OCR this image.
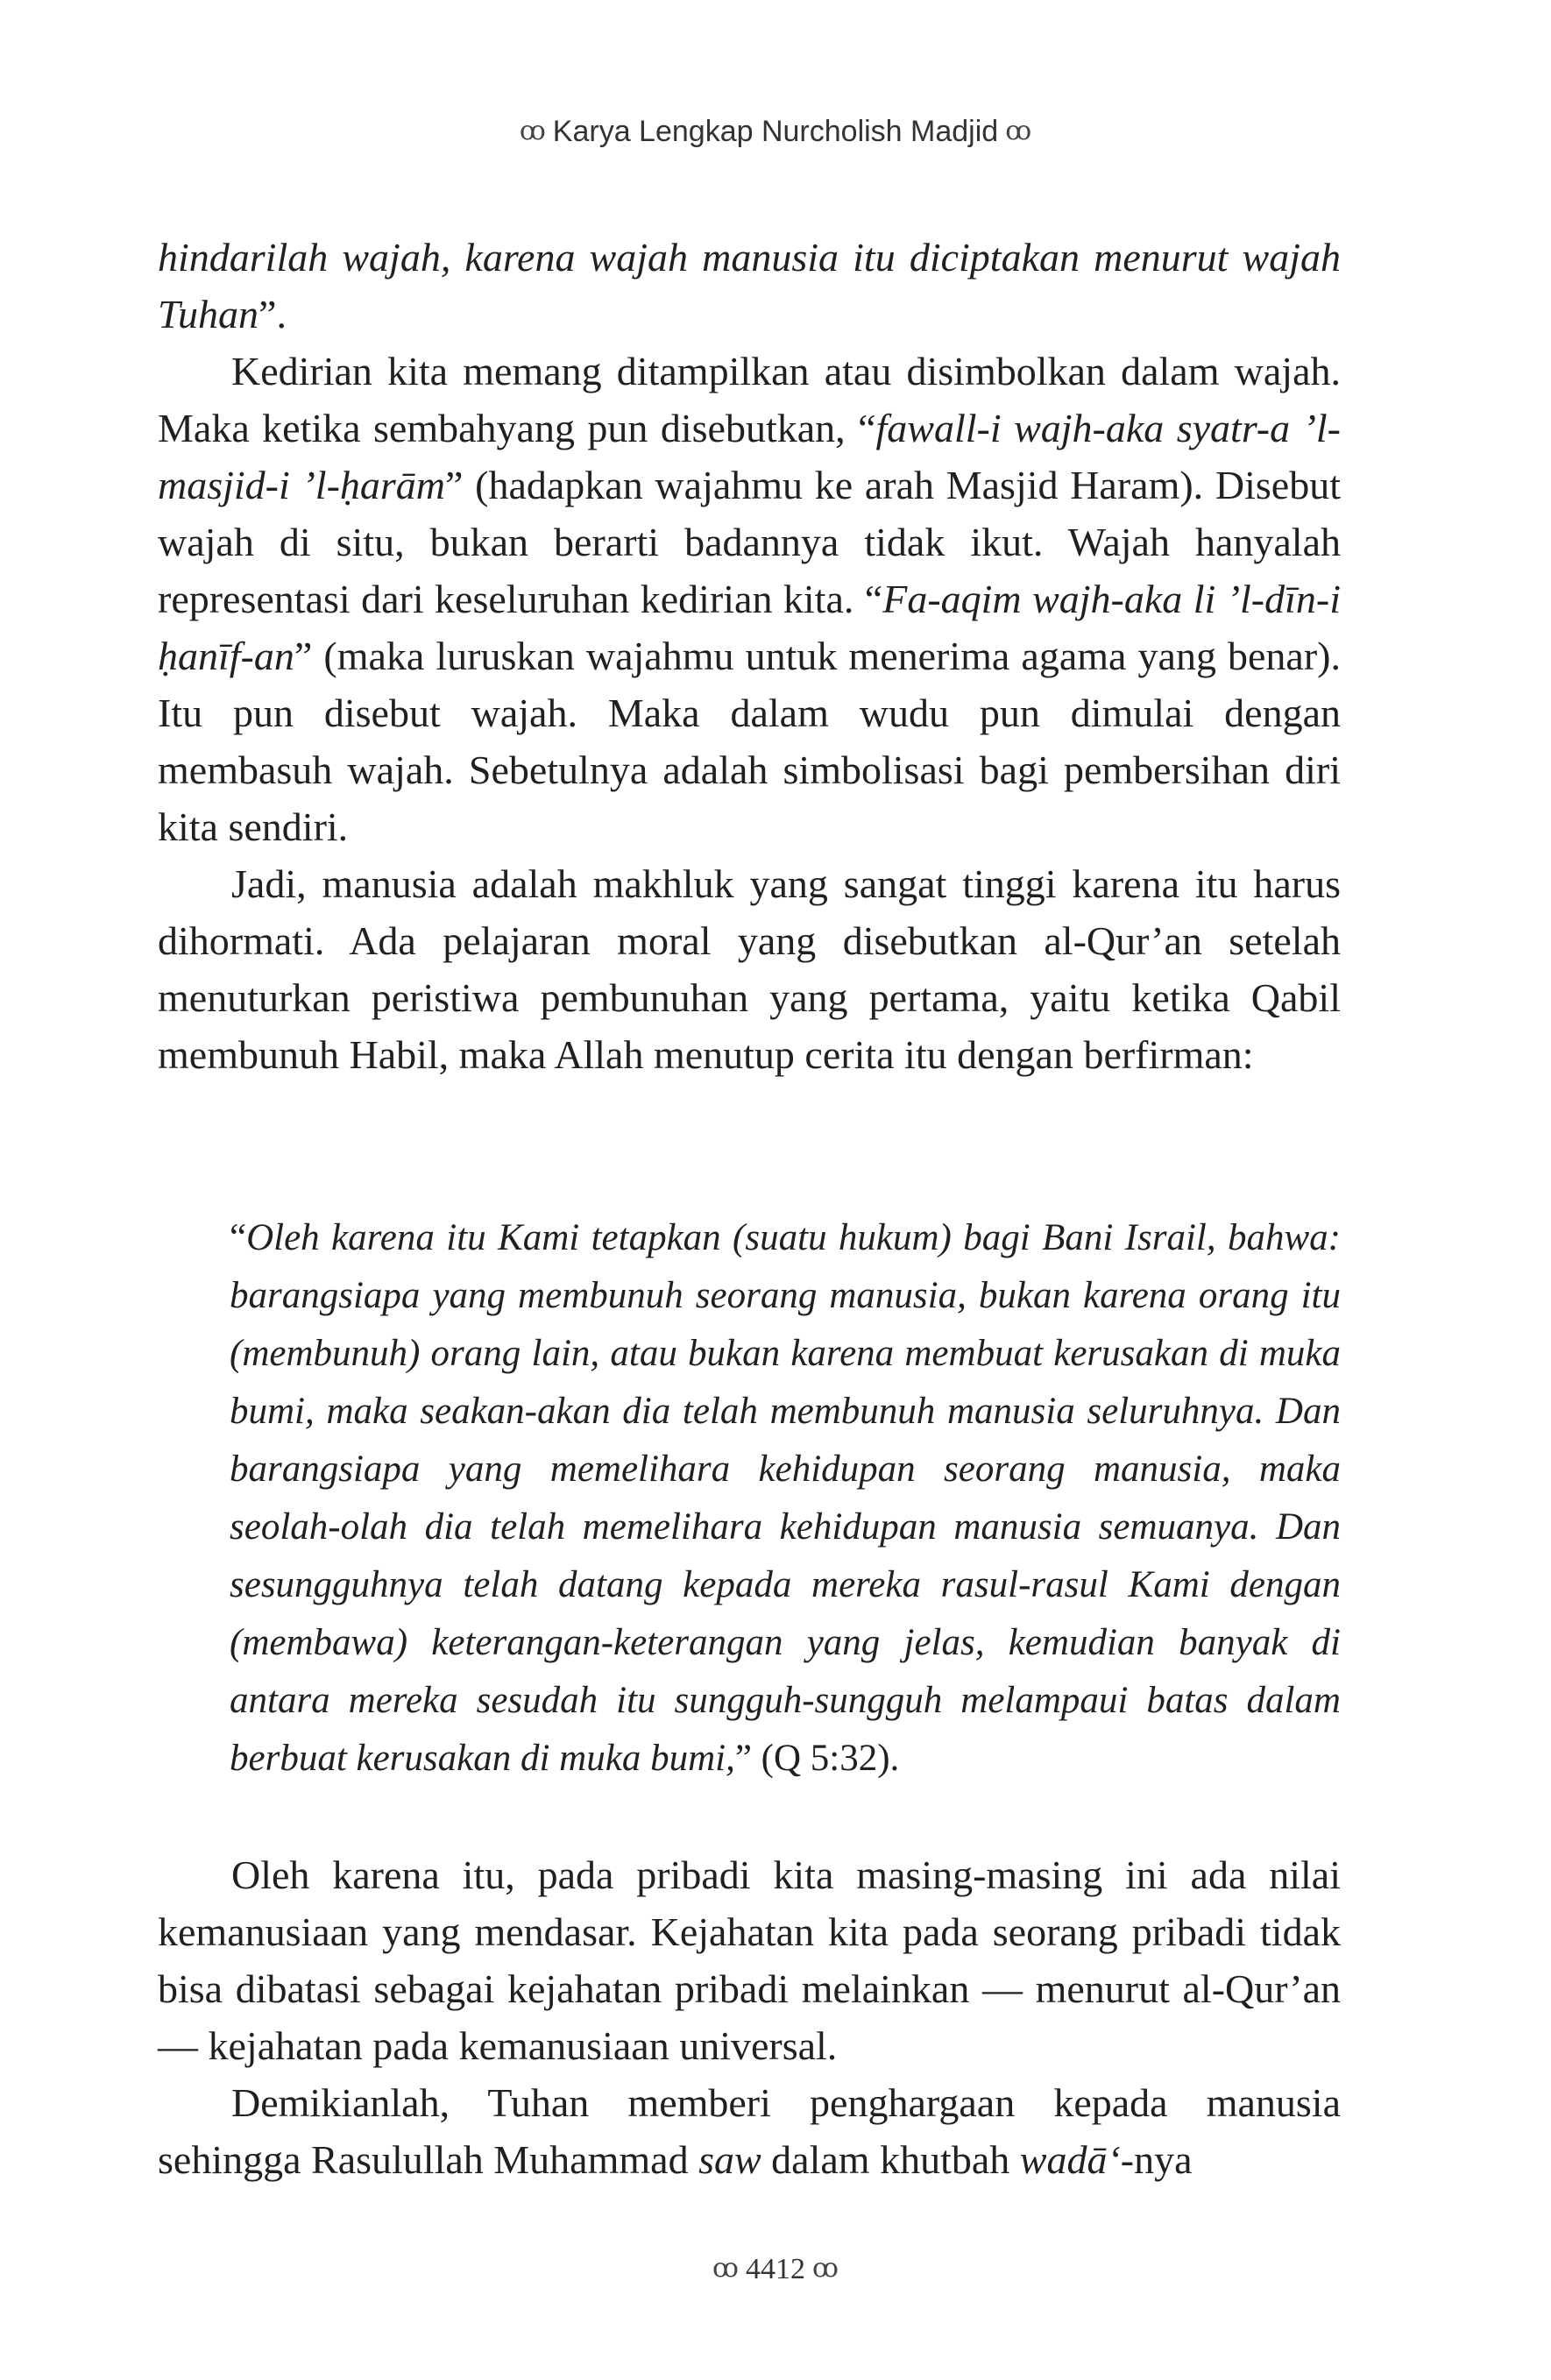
ꝏ Karya Lengkap Nurcholish Madjid ꝏ

hindarilah wajah, karena wajah manusia itu diciptakan menurut wajah Tuhan”.

Kedirian kita memang ditampilkan atau disimbolkan dalam wajah. Maka ketika sembahyang pun disebutkan, “fawall-i wajh-aka syatr-a ’l-masjid-i ’l-ḥarām” (hadapkan wajahmu ke arah Masjid Haram). Disebut wajah di situ, bukan berarti badannya tidak ikut. Wajah hanyalah representasi dari keseluruhan kedirian kita. “Fa-aqim wajh-aka li ’l-dīn-i ḥanīf-an” (maka luruskan wajahmu untuk menerima agama yang benar). Itu pun disebut wajah. Maka dalam wudu pun dimulai dengan membasuh wajah. Sebetulnya adalah simbolisasi bagi pembersihan diri kita sendiri.

Jadi, manusia adalah makhluk yang sangat tinggi karena itu harus dihormati. Ada pelajaran moral yang disebutkan al-Qur’an setelah menuturkan peristiwa pembunuhan yang pertama, yaitu ketika Qabil membunuh Habil, maka Allah menutup cerita itu dengan berfirman:

“Oleh karena itu Kami tetapkan (suatu hukum) bagi Bani Israil, bahwa: barangsiapa yang membunuh seorang manusia, bukan karena orang itu (membunuh) orang lain, atau bukan karena membuat kerusakan di muka bumi, maka seakan-akan dia telah membunuh manusia seluruhnya. Dan barangsiapa yang memelihara kehidupan seorang manusia, maka seolah-olah dia telah memelihara kehidupan manusia semuanya. Dan sesungguhnya telah datang kepada mereka rasul-rasul Kami dengan (membawa) keterangan-keterangan yang jelas, kemudian banyak di antara mereka sesudah itu sungguh-sungguh melampaui batas dalam berbuat kerusakan di muka bumi,” (Q 5:32).

Oleh karena itu, pada pribadi kita masing-masing ini ada nilai kemanusiaan yang mendasar. Kejahatan kita pada seorang pribadi tidak bisa dibatasi sebagai kejahatan pribadi melainkan — menurut al-Qur’an — kejahatan pada kemanusiaan universal.

Demikianlah, Tuhan memberi penghargaan kepada manusia sehingga Rasulullah Muhammad saw dalam khutbah wadā‘-nya

ꝏ 4412 ꝏ
